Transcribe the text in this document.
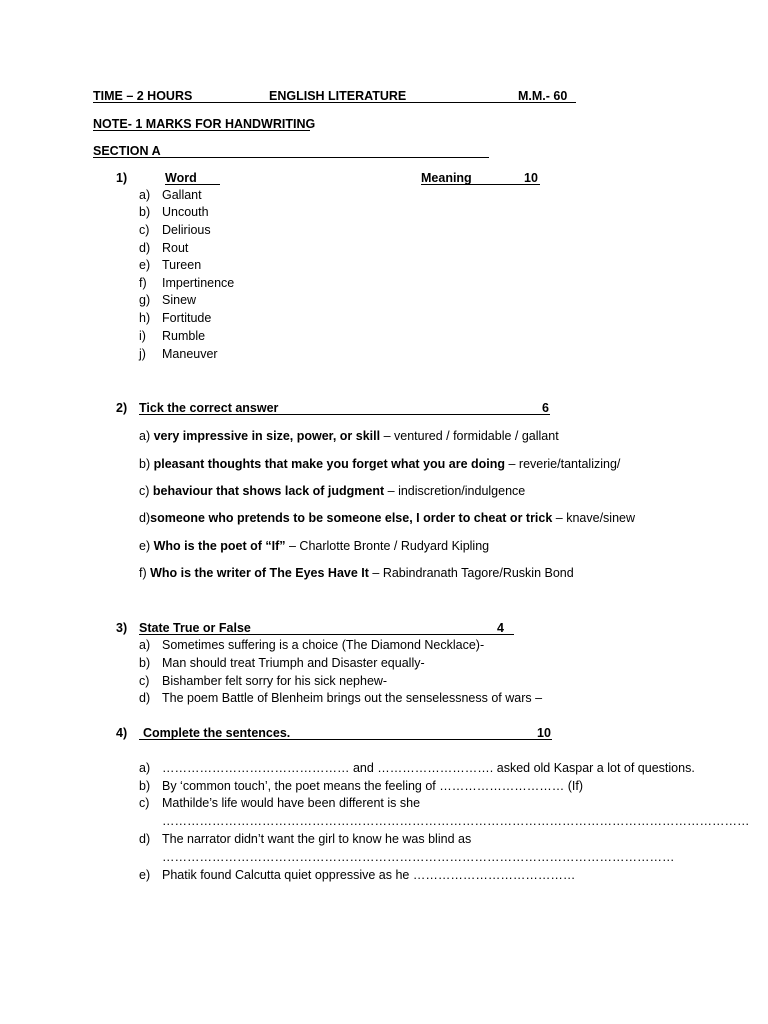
TIME – 2 HOURS	ENGLISH LITERATURE	M.M.- 60
NOTE- 1 MARKS FOR HANDWRITING
SECTION A
1)	Word	Meaning	10
a) Gallant
b) Uncouth
c) Delirious
d) Rout
e) Tureen
f) Impertinence
g) Sinew
h) Fortitude
i) Rumble
j) Maneuver
2) Tick the correct answer	6
a) very impressive in size, power, or skill – ventured / formidable / gallant
b) pleasant thoughts that make you forget what you are doing – reverie/tantalizing/
c) behaviour that shows lack of judgment – indiscretion/indulgence
d)someone who pretends to be someone else, I order to cheat or trick – knave/sinew
e) Who is the poet of “If” – Charlotte Bronte / Rudyard Kipling
f) Who is the writer of The Eyes Have It – Rabindranath Tagore/Ruskin Bond
3) State True or False	4
a) Sometimes suffering is a choice (The Diamond Necklace)-
b) Man should treat Triumph and Disaster equally-
c) Bishamber felt sorry for his sick nephew-
d) The poem Battle of Blenheim brings out the senselessness of wars –
4) Complete the sentences.	10
a) ……………………………………… and ………………………. asked old Kaspar a lot of questions.
b) By ‘common touch’, the poet means the feeling of ………………………… (If)
c) Mathilde’s life would have been different is she
……………………………………………………………………………………………………………………………
d) The narrator didn’t want the girl to know he was blind as
……………………………………………………………………………………………………………
e) Phatik found Calcutta quiet oppressive as he …………………………………
